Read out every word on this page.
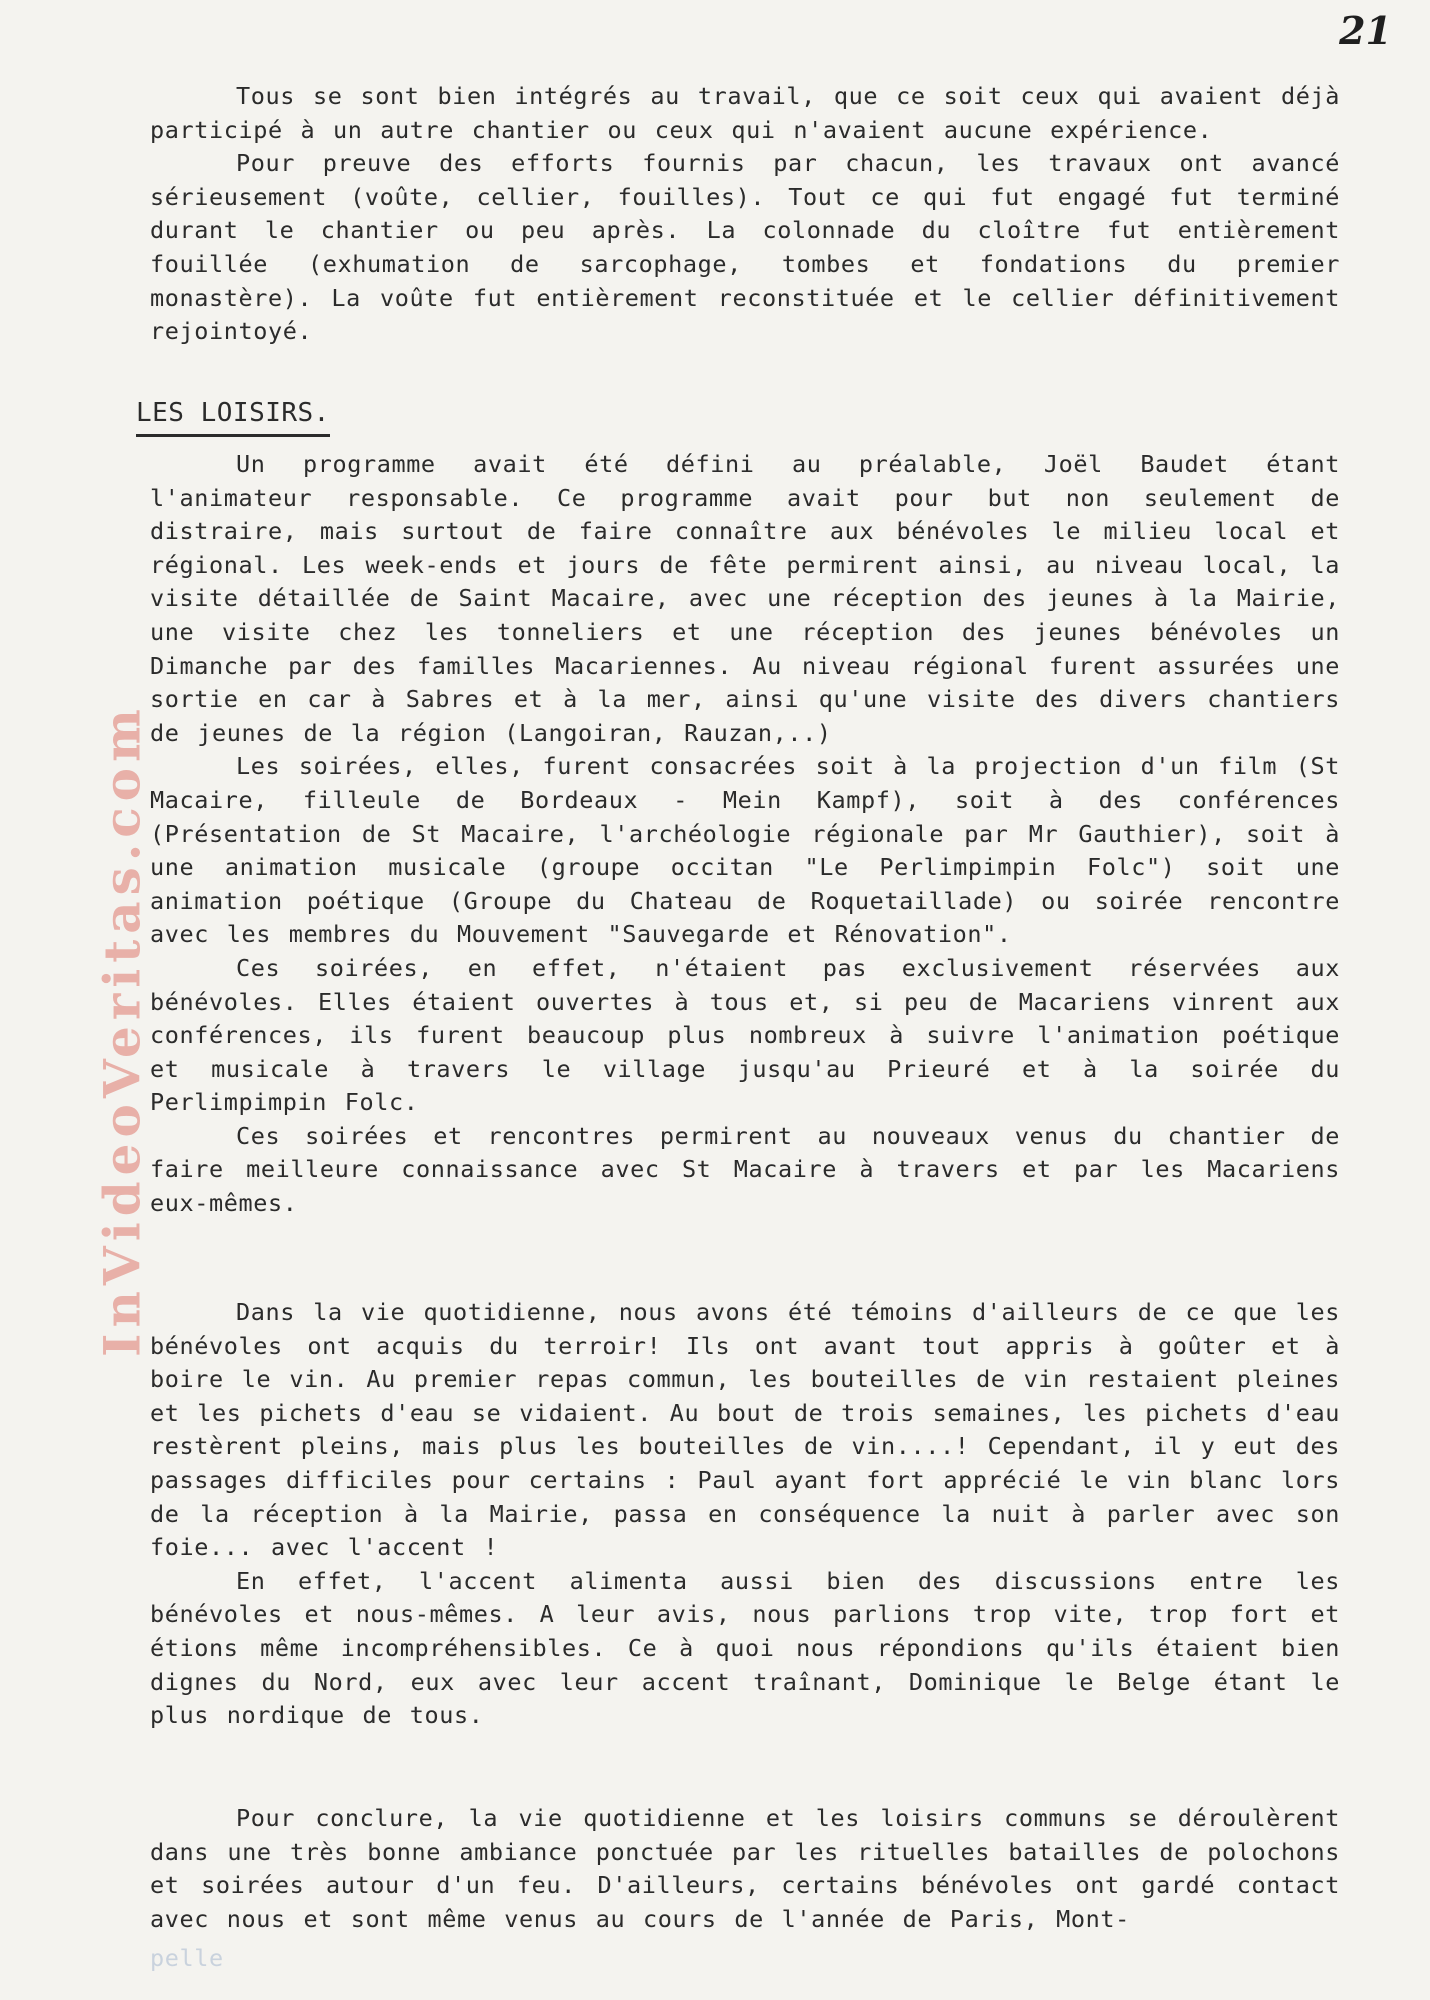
21
InVideoVeritas.com

Tous se sont bien intégrés au travail, que ce soit ceux qui avaient déjà participé à un autre chantier ou ceux qui n'avaient aucune expérience.

Pour preuve des efforts fournis par chacun, les travaux ont avancé sérieusement (voûte, cellier, fouilles). Tout ce qui fut engagé fut terminé durant le chantier ou peu après. La colonnade du cloître fut entièrement fouillée (exhumation de sarcophage, tombes et fondations du premier monastère). La voûte fut entièrement reconstituée et le cellier définitivement rejointoyé.

LES LOISIRS.

Un programme avait été défini au préalable, Joël Baudet étant l'animateur responsable. Ce programme avait pour but non seulement de distraire, mais surtout de faire connaître aux bénévoles le milieu local et régional. Les week-ends et jours de fête permirent ainsi, au niveau local, la visite détaillée de Saint Macaire, avec une réception des jeunes à la Mairie, une visite chez les tonneliers et une réception des jeunes bénévoles un Dimanche par des familles Macariennes. Au niveau régional furent assurées une sortie en car à Sabres et à la mer, ainsi qu'une visite des divers chantiers de jeunes de la région (Langoiran, Rauzan,..)

Les soirées, elles, furent consacrées soit à la projection d'un film (St Macaire, filleule de Bordeaux - Mein Kampf), soit à des conférences (Présentation de St Macaire, l'archéologie régionale par Mr Gauthier), soit à une animation musicale (groupe occitan "Le Perlimpimpin Folc") soit une animation poétique (Groupe du Chateau de Roquetaillade) ou soirée rencontre avec les membres du Mouvement "Sauvegarde et Rénovation".

Ces soirées, en effet, n'étaient pas exclusivement réservées aux bénévoles. Elles étaient ouvertes à tous et, si peu de Macariens vinrent aux conférences, ils furent beaucoup plus nombreux à suivre l'animation poétique et musicale à travers le village jusqu'au Prieuré et à la soirée du Perlimpimpin Folc.

Ces soirées et rencontres permirent au nouveaux venus du chantier de faire meilleure connaissance avec St Macaire à travers et par les Macariens eux-mêmes.

Dans la vie quotidienne, nous avons été témoins d'ailleurs de ce que les bénévoles ont acquis du terroir! Ils ont avant tout appris à goûter et à boire le vin. Au premier repas commun, les bouteilles de vin restaient pleines et les pichets d'eau se vidaient. Au bout de trois semaines, les pichets d'eau restèrent pleins, mais plus les bouteilles de vin....! Cependant, il y eut des passages difficiles pour certains : Paul ayant fort apprécié le vin blanc lors de la réception à la Mairie, passa en conséquence la nuit à parler avec son foie... avec l'accent !

En effet, l'accent alimenta aussi bien des discussions entre les bénévoles et nous-mêmes. A leur avis, nous parlions trop vite, trop fort et étions même incompréhensibles. Ce à quoi nous répondions qu'ils étaient bien dignes du Nord, eux avec leur accent traînant, Dominique le Belge étant le plus nordique de tous.

Pour conclure, la vie quotidienne et les loisirs communs se déroulèrent dans une très bonne ambiance ponctuée par les rituelles batailles de polochons et soirées autour d'un feu. D'ailleurs, certains bénévoles ont gardé contact avec nous et sont même venus au cours de l'année de Paris, Mont-

pelle
